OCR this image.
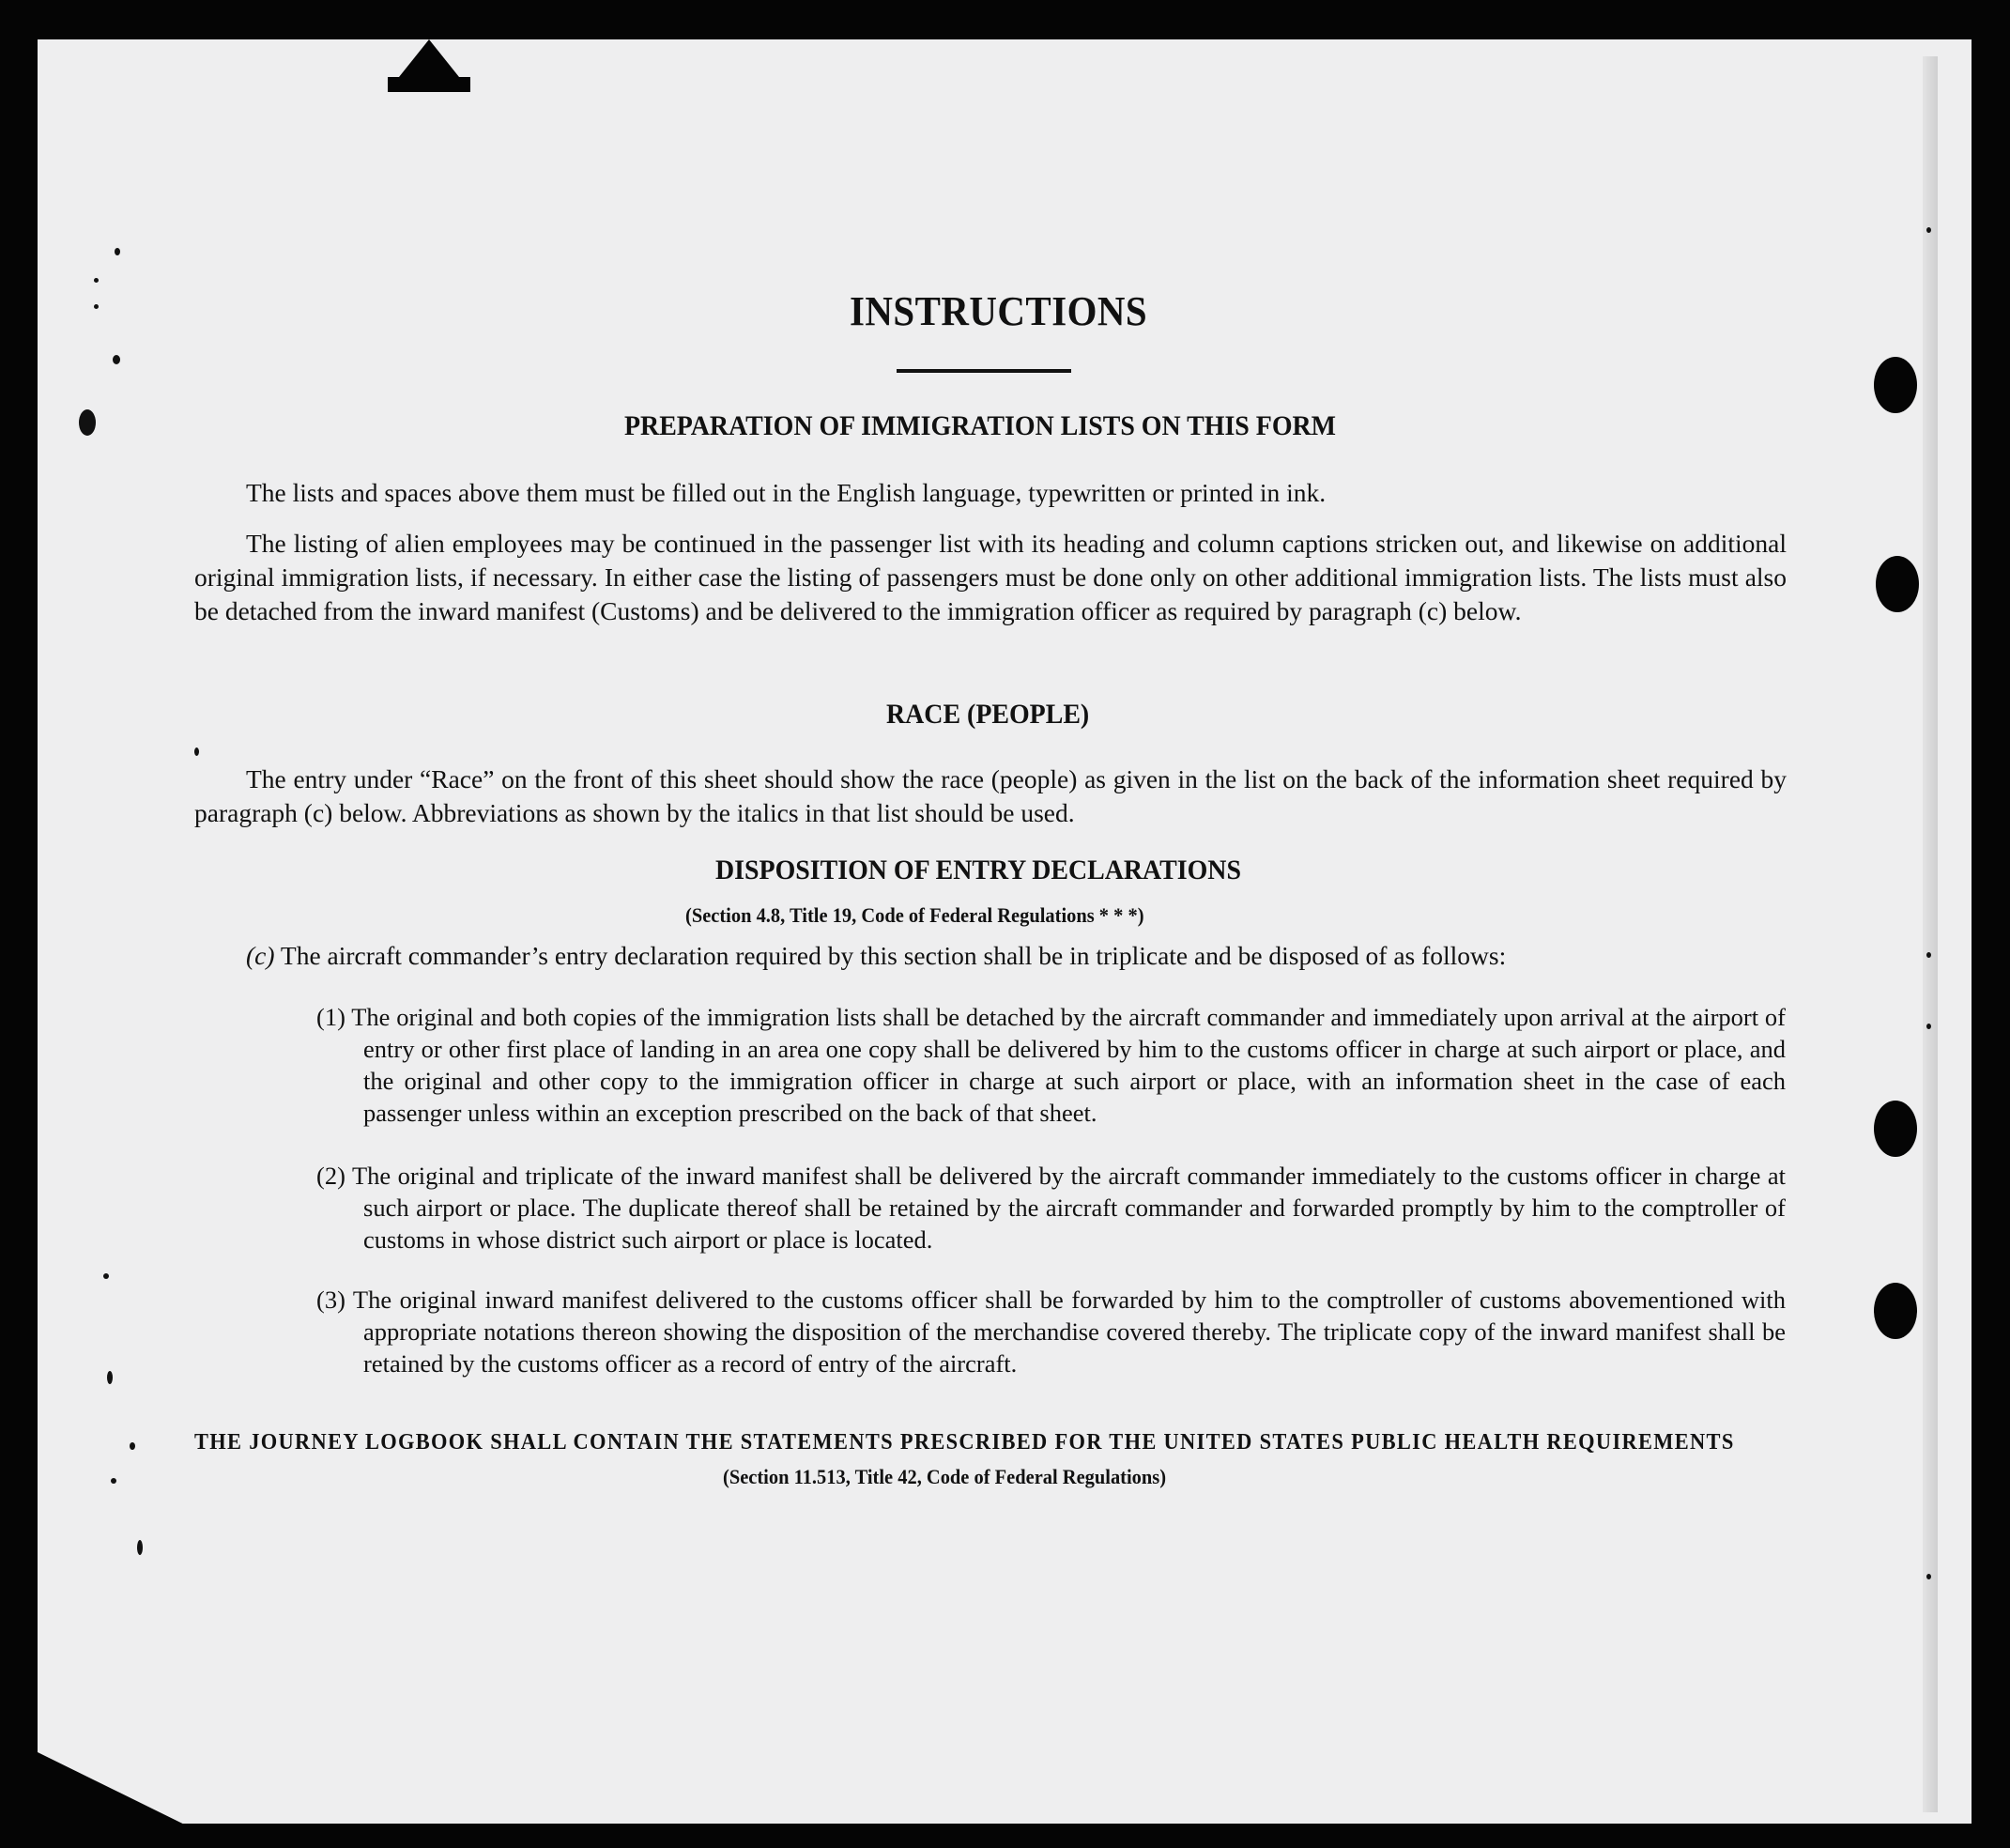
INSTRUCTIONS
PREPARATION OF IMMIGRATION LISTS ON THIS FORM
The lists and spaces above them must be filled out in the English language, typewritten or printed in ink.
The listing of alien employees may be continued in the passenger list with its heading and column captions stricken out, and likewise on additional original immigration lists, if necessary. In either case the listing of passengers must be done only on other additional immigration lists. The lists must also be detached from the inward manifest (Customs) and be delivered to the immigration officer as required by paragraph (c) below.
RACE (PEOPLE)
The entry under “Race” on the front of this sheet should show the race (people) as given in the list on the back of the information sheet required by paragraph (c) below. Abbreviations as shown by the italics in that list should be used.
DISPOSITION OF ENTRY DECLARATIONS
(Section 4.8, Title 19, Code of Federal Regulations * * *)
(c) The aircraft commander’s entry declaration required by this section shall be in triplicate and be disposed of as follows:
(1) The original and both copies of the immigration lists shall be detached by the aircraft commander and immediately upon arrival at the airport of entry or other first place of landing in an area one copy shall be delivered by him to the customs officer in charge at such airport or place, and the original and other copy to the immigration officer in charge at such airport or place, with an information sheet in the case of each passenger unless within an exception prescribed on the back of that sheet.
(2) The original and triplicate of the inward manifest shall be delivered by the aircraft commander immediately to the customs officer in charge at such airport or place. The duplicate thereof shall be retained by the aircraft commander and forwarded promptly by him to the comptroller of customs in whose district such airport or place is located.
(3) The original inward manifest delivered to the customs officer shall be forwarded by him to the comptroller of customs abovementioned with appropriate notations thereon showing the disposition of the merchandise covered thereby. The triplicate copy of the inward manifest shall be retained by the customs officer as a record of entry of the aircraft.
THE JOURNEY LOGBOOK SHALL CONTAIN THE STATEMENTS PRESCRIBED FOR THE UNITED STATES PUBLIC HEALTH REQUIREMENTS
(Section 11.513, Title 42, Code of Federal Regulations)
